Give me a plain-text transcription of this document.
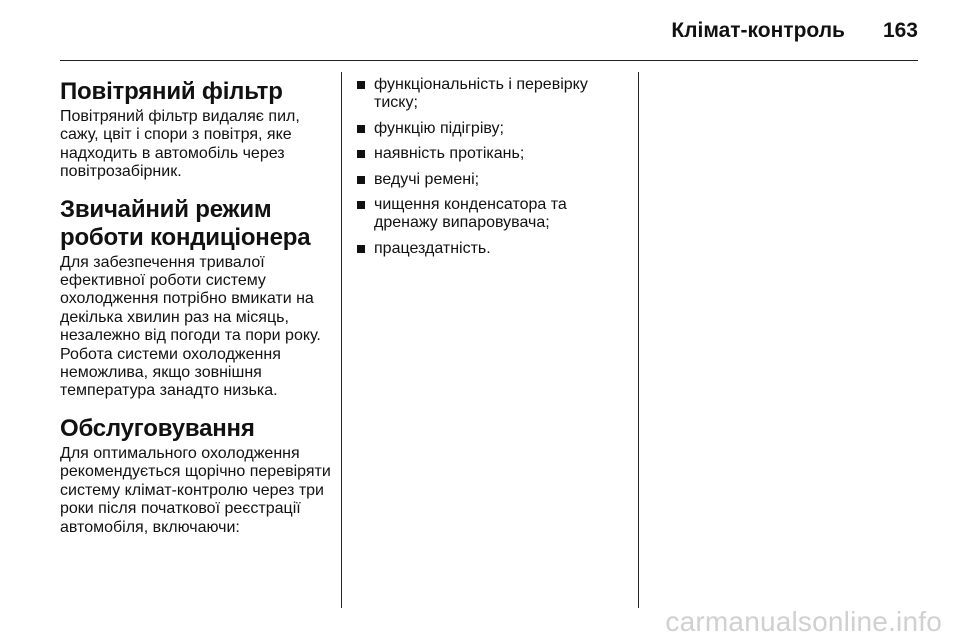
Клімат-контроль 163
Повітряний фільтр

Повітряний фільтр видаляє пил, сажу, цвіт і спори з повітря, яке надходить в автомобіль через повітрозабірник.

Звичайний режим роботи кондиціонера

Для забезпечення тривалої ефективної роботи систему охолодження потрібно вмикати на декілька хвилин раз на місяць, незалежно від погоди та пори року. Робота системи охолодження неможлива, якщо зовнішня температура занадто низька.

Обслуговування

Для оптимального охолодження рекомендується щорічно перевіряти систему клімат-контролю через три роки після початкової реєстрації автомобіля, включаючи:

функціональність і перевірку тиску;
функцію підігріву;
наявність протікань;
ведучі ремені;
чищення конденсатора та дренажу випаровувача;
працездатність.
carmanualsonline.info
